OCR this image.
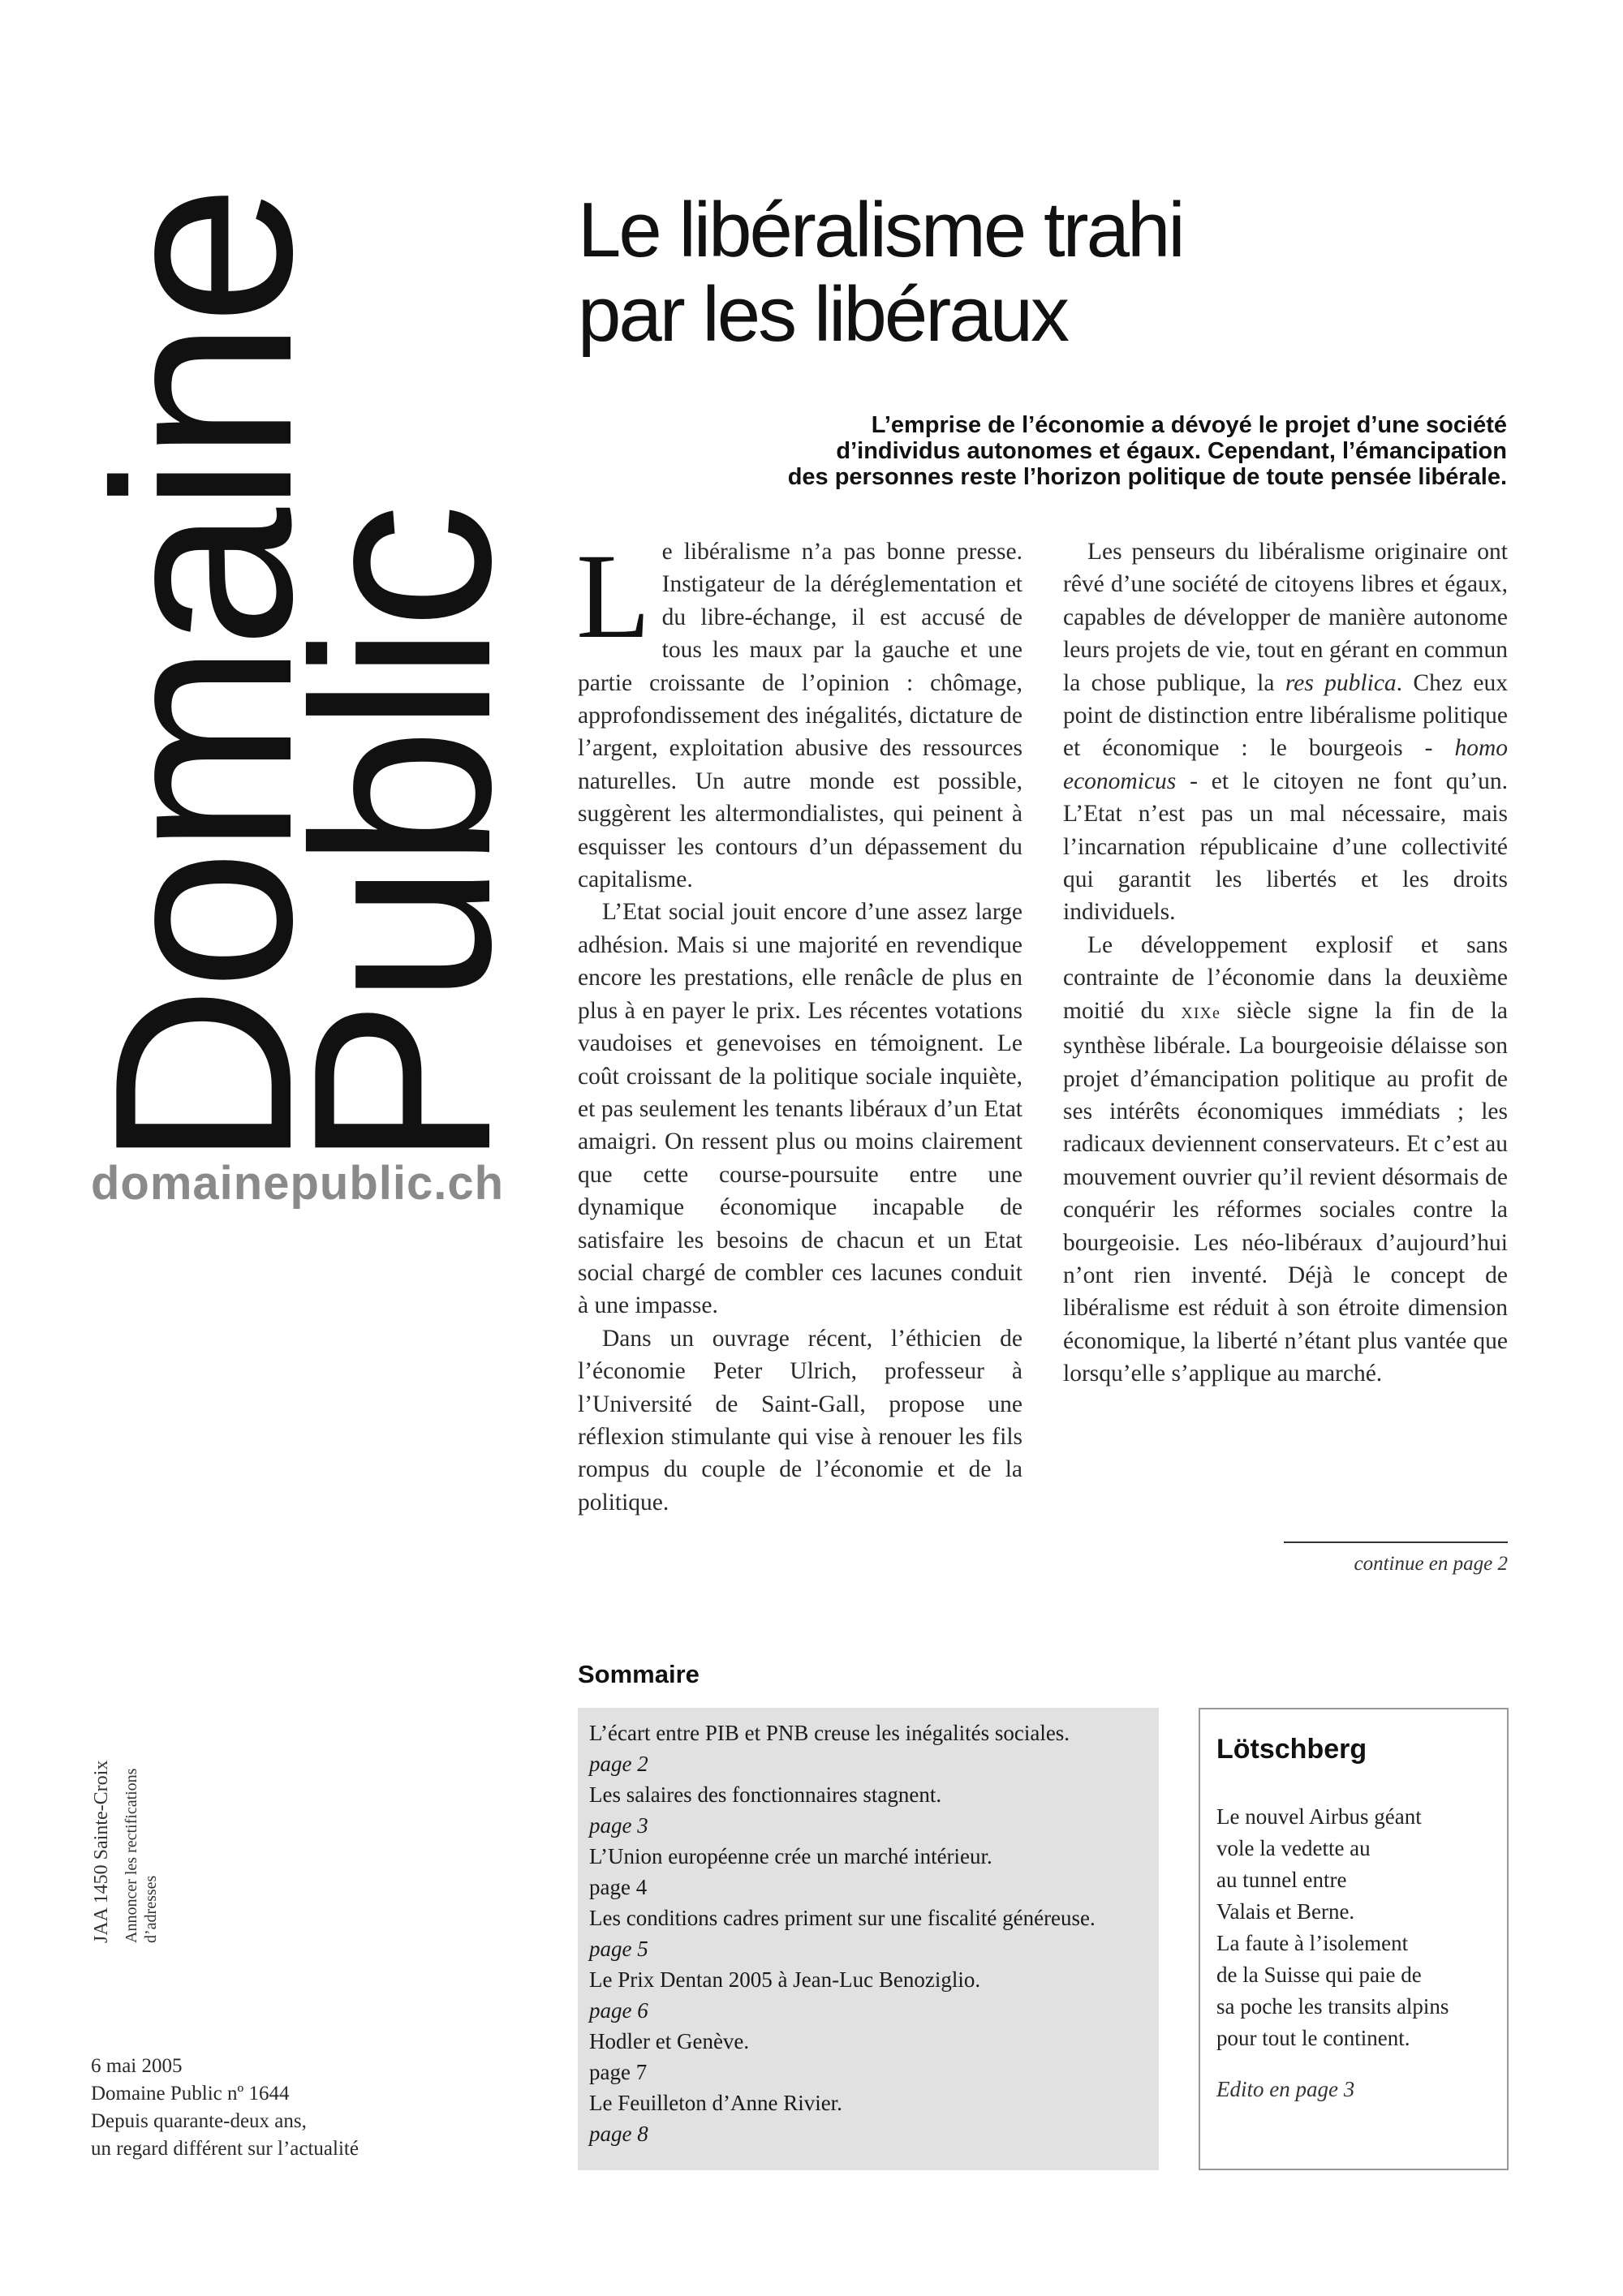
Domaine
Public
domainepublic.ch
Le libéralisme trahi
par les libéraux
L’emprise de l’économie a dévoyé le projet d’une société
d’individus autonomes et égaux. Cependant, l’émancipation
des personnes reste l’horizon politique de toute pensée libérale.

Le libéralisme n’a pas bonne presse. Instigateur de la déréglementation et du libre-échange, il est accusé de tous les maux par la gauche et une partie croissante de l’opinion : chômage, approfondissement des inégalités, dictature de l’argent, exploitation abusive des ressources naturelles. Un autre monde est possible, suggèrent les altermondialistes, qui peinent à esquisser les contours d’un dépassement du capitalisme.

L’Etat social jouit encore d’une assez large adhésion. Mais si une majorité en revendique encore les prestations, elle renâcle de plus en plus à en payer le prix. Les récentes votations vaudoises et genevoises en témoignent. Le coût croissant de la politique sociale inquiète, et pas seulement les tenants libéraux d’un Etat amaigri. On ressent plus ou moins clairement que cette course-poursuite entre une dynamique économique incapable de satisfaire les besoins de chacun et un Etat social chargé de combler ces lacunes conduit à une impasse.

Dans un ouvrage récent, l’éthicien de l’économie Peter Ulrich, professeur à l’Université de Saint-Gall, propose une réflexion stimulante qui vise à renouer les fils rompus du couple de l’économie et de la politique.

Les penseurs du libéralisme originaire ont rêvé d’une société de citoyens libres et égaux, capables de développer de manière autonome leurs projets de vie, tout en gérant en commun la chose publique, la res publica. Chez eux point de distinction entre libéralisme politique et économique : le bourgeois - homo economicus - et le citoyen ne font qu’un. L’Etat n’est pas un mal nécessaire, mais l’incarnation républicaine d’une collectivité qui garantit les libertés et les droits individuels.

Le développement explosif et sans contrainte de l’économie dans la deuxième moitié du XIXe siècle signe la fin de la synthèse libérale. La bourgeoisie délaisse son projet d’émancipation politique au profit de ses intérêts économiques immédiats ; les radicaux deviennent conservateurs. Et c’est au mouvement ouvrier qu’il revient désormais de conquérir les réformes sociales contre la bourgeoisie. Les néo-libéraux d’aujourd’hui n’ont rien inventé. Déjà le concept de libéralisme est réduit à son étroite dimension économique, la liberté n’étant plus vantée que lorsqu’elle s’applique au marché.

continue en page 2
Sommaire
L’écart entre PIB et PNB creuse les inégalités sociales.
page 2
Les salaires des fonctionnaires stagnent.
page 3
L’Union européenne crée un marché intérieur.
page 4
Les conditions cadres priment sur une fiscalité généreuse.
page 5
Le Prix Dentan 2005 à Jean-Luc Benoziglio.
page 6
Hodler et Genève.
page 7
Le Feuilleton d’Anne Rivier.
page 8
Lötschberg
Le nouvel Airbus géant
vole la vedette au
au tunnel entre
Valais et Berne.
La faute à l’isolement
de la Suisse qui paie de
sa poche les transits alpins
pour tout le continent.
Edito en page 3
JAA 1450 Sainte-Croix Annoncer les rectifications d’adresses
6 mai 2005
Domaine Public nº 1644
Depuis quarante-deux ans,
un regard différent sur l’actualité
